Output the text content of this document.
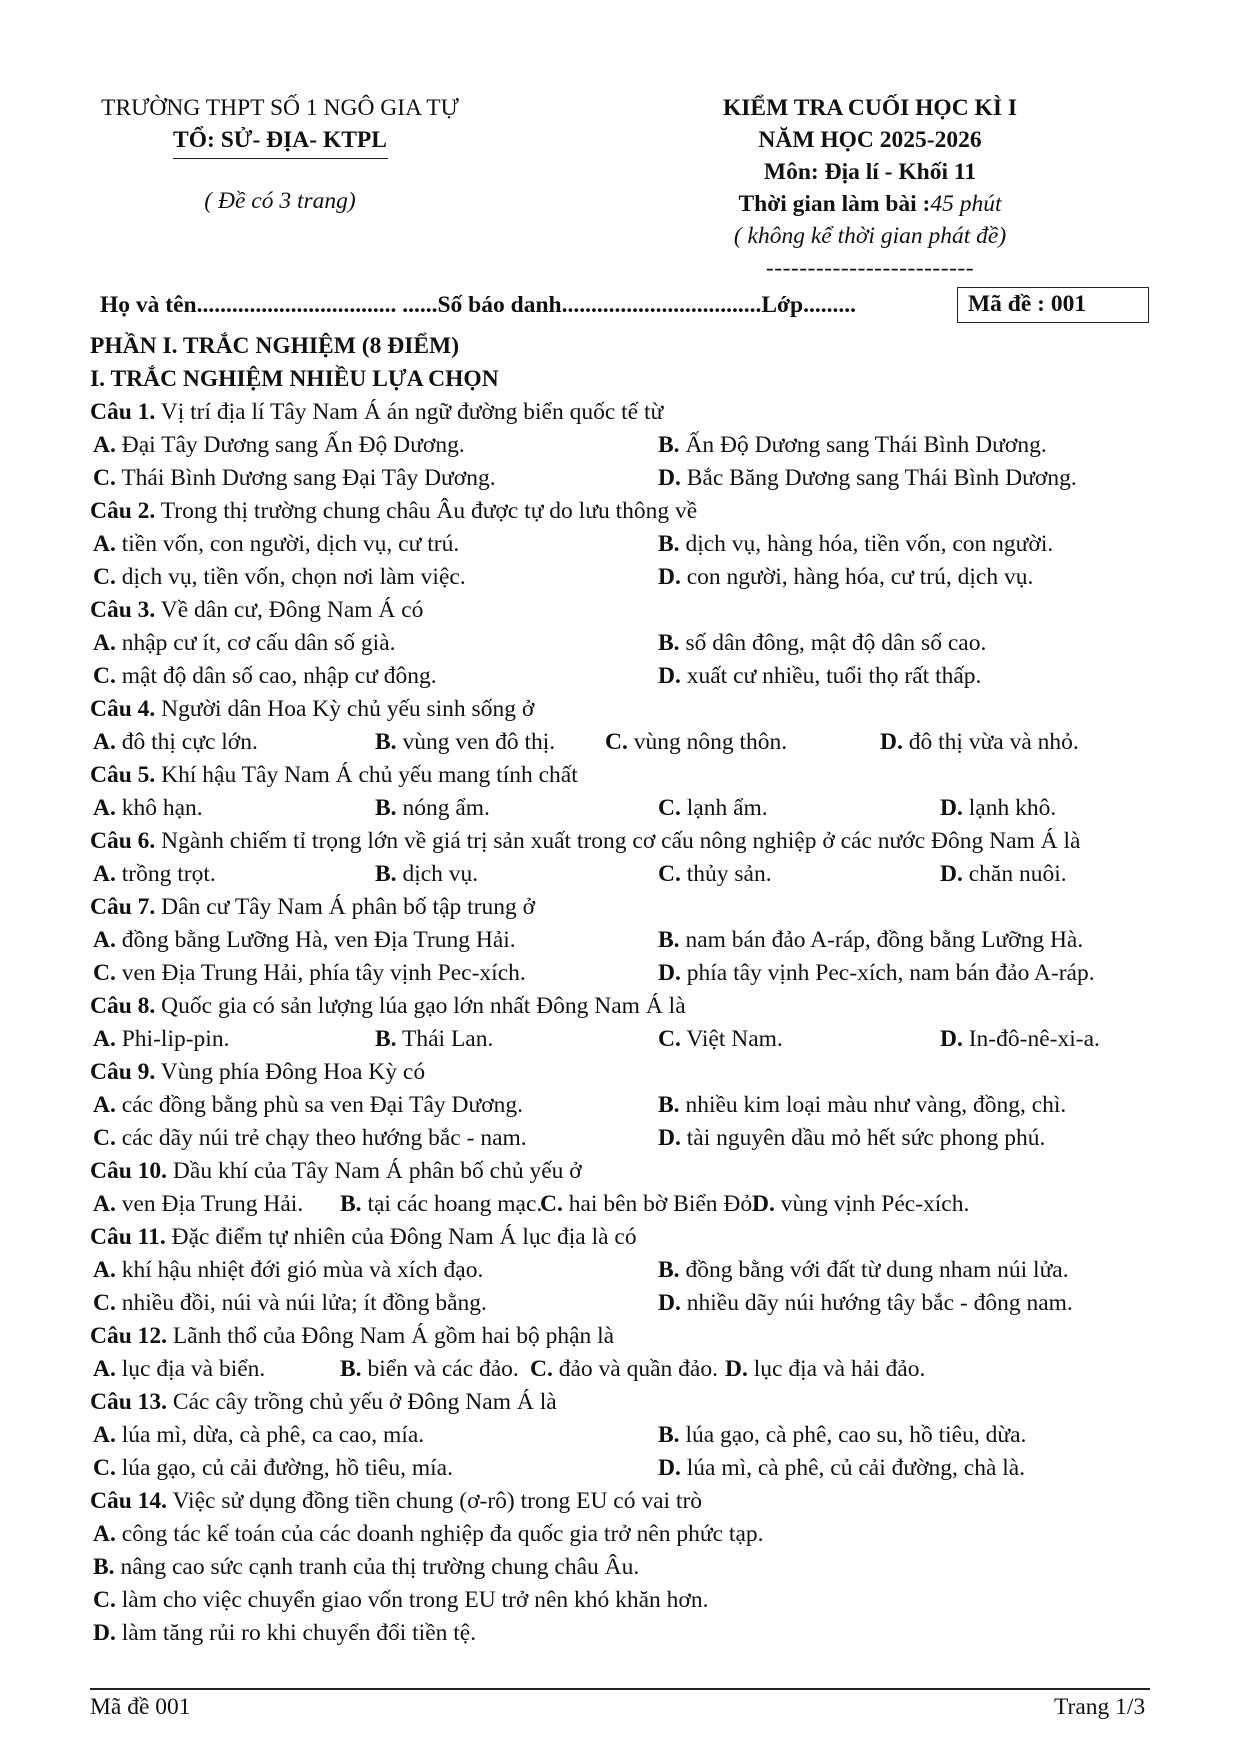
TRƯỜNG THPT SỐ 1 NGÔ GIA TỰ
TỔ: SỬ- ĐỊA- KTPL
( Đề có 3 trang)
KIỂM TRA CUỐI HỌC KÌ I
NĂM HỌC 2025-2026
Môn: Địa lí - Khối 11
Thời gian làm bài :45 phút
( không kể thời gian phát đề)
-------------------------
Họ và tên.................................. ......Số báo danh..................................Lớp.........	Mã đề : 001
PHẦN I. TRẮC NGHIỆM (8 ĐIỂM)
I. TRẮC NGHIỆM NHIỀU LỰA CHỌN
Câu 1. Vị trí địa lí Tây Nam Á án ngữ đường biển quốc tế từ
A. Đại Tây Dương sang Ấn Độ Dương.	B. Ấn Độ Dương sang Thái Bình Dương.
C. Thái Bình Dương sang Đại Tây Dương.	D. Bắc Băng Dương sang Thái Bình Dương.
Câu 2. Trong thị trường chung châu Âu được tự do lưu thông về
A. tiền vốn, con người, dịch vụ, cư trú.	B. dịch vụ, hàng hóa, tiền vốn, con người.
C. dịch vụ, tiền vốn, chọn nơi làm việc.	D. con người, hàng hóa, cư trú, dịch vụ.
Câu 3. Về dân cư, Đông Nam Á có
A. nhập cư ít, cơ cấu dân số già.	B. số dân đông, mật độ dân số cao.
C. mật độ dân số cao, nhập cư đông.	D. xuất cư nhiều, tuổi thọ rất thấp.
Câu 4. Người dân Hoa Kỳ chủ yếu sinh sống ở
A. đô thị cực lớn.	B. vùng ven đô thị. C. vùng nông thôn.	D. đô thị vừa và nhỏ.
Câu 5. Khí hậu Tây Nam Á chủ yếu mang tính chất
A. khô hạn.	B. nóng ẩm.	C. lạnh ẩm.	D. lạnh khô.
Câu 6. Ngành chiếm tỉ trọng lớn về giá trị sản xuất trong cơ cấu nông nghiệp ở các nước Đông Nam Á là
A. trồng trọt.	B. dịch vụ.	C. thủy sản.	D. chăn nuôi.
Câu 7. Dân cư Tây Nam Á phân bố tập trung ở
A. đồng bằng Lưỡng Hà, ven Địa Trung Hải.	B. nam bán đảo A-ráp, đồng bằng Lưỡng Hà.
C. ven Địa Trung Hải, phía tây vịnh Pec-xích.	D. phía tây vịnh Pec-xích, nam bán đảo A-ráp.
Câu 8. Quốc gia có sản lượng lúa gạo lớn nhất Đông Nam Á là
A. Phi-lip-pin.	B. Thái Lan.	C. Việt Nam.	D. In-đô-nê-xi-a.
Câu 9. Vùng phía Đông Hoa Kỳ có
A. các đồng bằng phù sa ven Đại Tây Dương.	B. nhiều kim loại màu như vàng, đồng, chì.
C. các dãy núi trẻ chạy theo hướng bắc - nam.	D. tài nguyên dầu mỏ hết sức phong phú.
Câu 10. Dầu khí của Tây Nam Á phân bố chủ yếu ở
A. ven Địa Trung Hải. B. tại các hoang mạc.
C. hai bên bờ Biển Đỏ.
D. vùng vịnh Péc-xích.
Câu 11. Đặc điểm tự nhiên của Đông Nam Á lục địa là có
A. khí hậu nhiệt đới gió mùa và xích đạo.	B. đồng bằng với đất từ dung nham núi lửa.
C. nhiều đồi, núi và núi lửa; ít đồng bằng.	D. nhiều dãy núi hướng tây bắc - đông nam.
Câu 12. Lãnh thổ của Đông Nam Á gồm hai bộ phận là
A. lục địa và biển.	B. biển và các đảo. C. đảo và quần đảo. D. lục địa và hải đảo.
Câu 13. Các cây trồng chủ yếu ở Đông Nam Á là
A. lúa mì, dừa, cà phê, ca cao, mía.	B. lúa gạo, cà phê, cao su, hồ tiêu, dừa.
C. lúa gạo, củ cải đường, hồ tiêu, mía.	D. lúa mì, cà phê, củ cải đường, chà là.
Câu 14. Việc sử dụng đồng tiền chung (ơ-rô) trong EU có vai trò
A. công tác kế toán của các doanh nghiệp đa quốc gia trở nên phức tạp.
B. nâng cao sức cạnh tranh của thị trường chung châu Âu.
C. làm cho việc chuyển giao vốn trong EU trở nên khó khăn hơn.
D. làm tăng rủi ro khi chuyển đổi tiền tệ.
Mã đề 001	Trang 1/3
